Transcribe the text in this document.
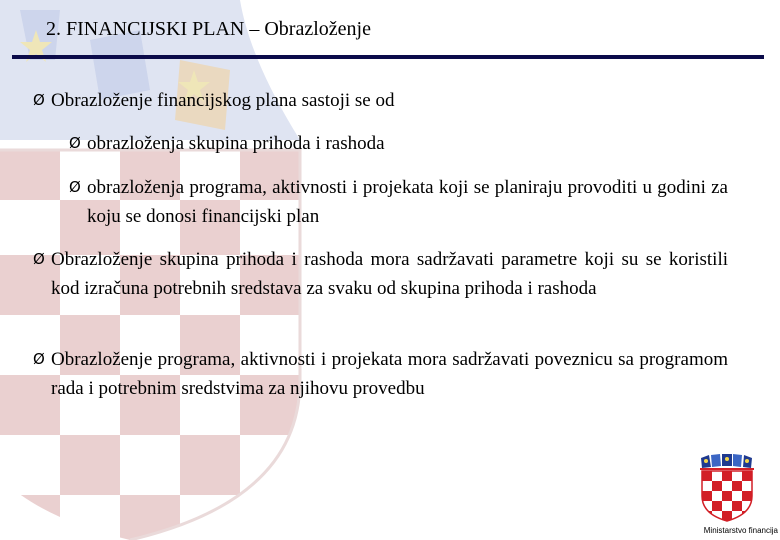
2. FINANCIJSKI PLAN – Obrazloženje
Ø Obrazloženje financijskog plana sastoji se od
Ø obrazloženja skupina prihoda i rashoda
Ø obrazloženja programa, aktivnosti i projekata koji se planiraju provoditi u godini za koju se donosi financijski plan
Ø Obrazloženje skupina prihoda i rashoda mora sadržavati parametre koji su se koristili kod izračuna potrebnih sredstava za svaku od skupina prihoda i rashoda
Ø Obrazloženje programa, aktivnosti i projekata mora sadržavati poveznicu sa programom rada i potrebnim sredstvima za njihovu provedbu
Ministarstvo financija
